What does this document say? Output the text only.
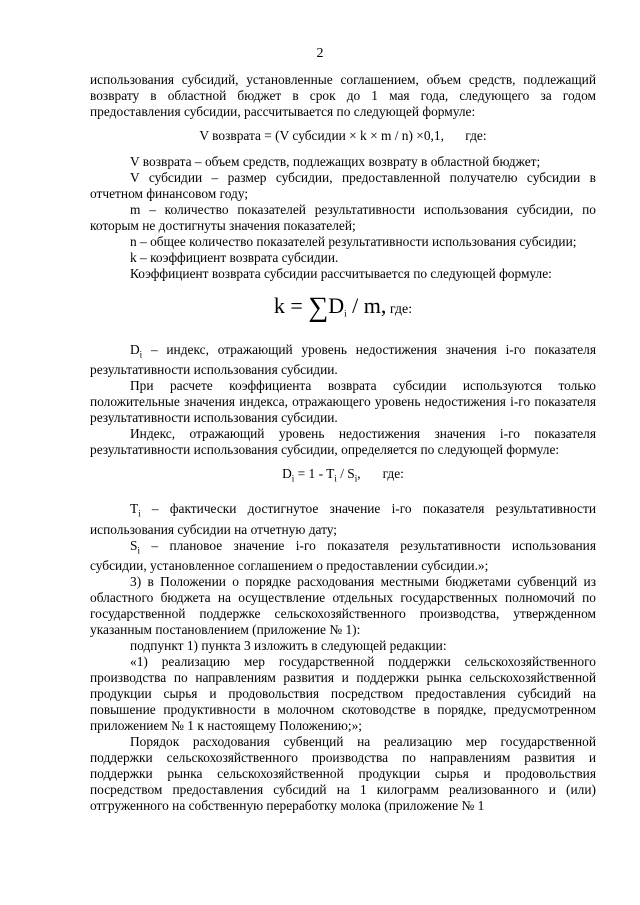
2

использования субсидий, установленные соглашением, объем средств, подлежащий возврату в областной бюджет в срок до 1 мая года, следующего за годом предоставления субсидии, рассчитывается по следующей формуле:

V возврата = (V субсидии × k × m / n) ×0,1, где:

V возврата – объем средств, подлежащих возврату в областной бюджет;

V субсидии – размер субсидии, предоставленной получателю субсидии в отчетном финансовом году;

m – количество показателей результативности использования субсидии, по которым не достигнуты значения показателей;

n – общее количество показателей результативности использования субсидии;

k – коэффициент возврата субсидии.

Коэффициент возврата субсидии рассчитывается по следующей формуле:

$k = \sum D_i / m$, где:

$D_i$ – индекс, отражающий уровень недостижения значения i-го показателя результативности использования субсидии.

При расчете коэффициента возврата субсидии используются только положительные значения индекса, отражающего уровень недостижения i-го показателя результативности использования субсидии.

Индекс, отражающий уровень недостижения значения i-го показателя результативности использования субсидии, определяется по следующей формуле:

$D_i = 1 - T_i / S_i$, где:

$T_i$ – фактически достигнутое значение i-го показателя результативности использования субсидии на отчетную дату;

$S_i$ – плановое значение i-го показателя результативности использования субсидии, установленное соглашением о предоставлении субсидии.»;

3) в Положении о порядке расходования местными бюджетами субвенций из областного бюджета на осуществление отдельных государственных полномочий по государственной поддержке сельскохозяйственного производства, утвержденном указанным постановлением (приложение № 1):

подпункт 1) пункта 3 изложить в следующей редакции:

«1) реализацию мер государственной поддержки сельскохозяйственного производства по направлениям развития и поддержки рынка сельскохозяйственной продукции сырья и продовольствия посредством предоставления субсидий на повышение продуктивности в молочном скотоводстве в порядке, предусмотренном приложением № 1 к настоящему Положению;»;

Порядок расходования субвенций на реализацию мер государственной поддержки сельскохозяйственного производства по направлениям развития и поддержки рынка сельскохозяйственной продукции сырья и продовольствия посредством предоставления субсидий на 1 килограмм реализованного и (или) отгруженного на собственную переработку молока (приложение № 1
